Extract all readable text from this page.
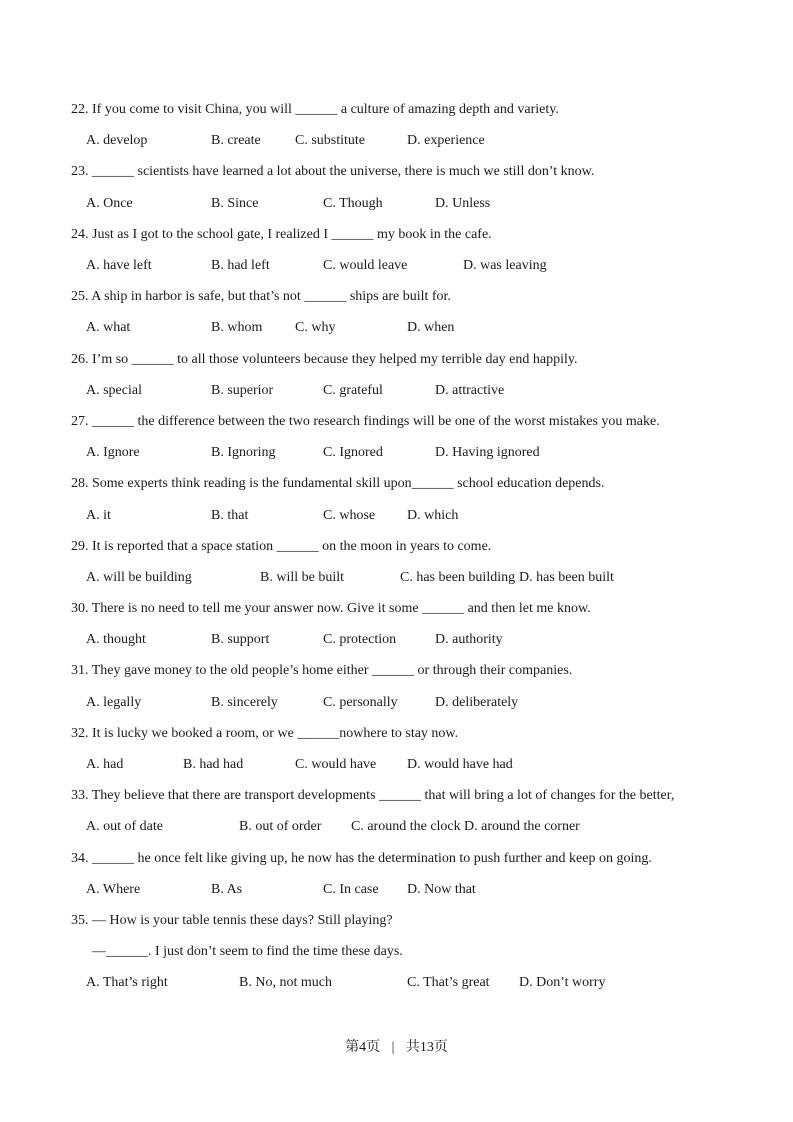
22. If you come to visit China, you will ______ a culture of amazing depth and variety.
A. develop	B. create C. substitute	D. experience
23. ______ scientists have learned a lot about the universe, there is much we still don’t know.
A. Once	B. Since	C. Though	D. Unless
24. Just as I got to the school gate, I realized I ______ my book in the cafe.
A. have left	B. had left	C. would leave	D. was leaving
25. A ship in harbor is safe, but that’s not ______ ships are built for.
A. what	B. whom C. why	D. when
26. I’m so ______ to all those volunteers because they helped my terrible day end happily.
A. special	B. superior	C. grateful	D. attractive
27. ______ the difference between the two research findings will be one of the worst mistakes you make.
A. Ignore	B. Ignoring	C. Ignored	D. Having ignored
28. Some experts think reading is the fundamental skill upon______ school education depends.
A. it	B. that	C. whose D. which
29. It is reported that a space station ______ on the moon in years to come.
A. will be building	B. will be built	C. has been building D. has been built
30. There is no need to tell me your answer now. Give it some ______ and then let me know.
A. thought	B. support	C. protection	D. authority
31. They gave money to the old people’s home either ______ or through their companies.
A. legally	B. sincerely	C. personally	D. deliberately
32. It is lucky we booked a room, or we ______nowhere to stay now.
A. had	B. had had	C. would have D. would have had
33. They believe that there are transport developments ______ that will bring a lot of changes for the better,
A. out of date	B. out of order C. around the clock D. around the corner
34. ______ he once felt like giving up, he now has the determination to push further and keep on going.
A. Where	B. As	C. In case D. Now that
35. — How is your table tennis these days? Still playing?
—______. I just don’t seem to find the time these days.
A. That’s right	B. No, not much	C. That’s great D. Don’t worry
第4页 | 共13页
